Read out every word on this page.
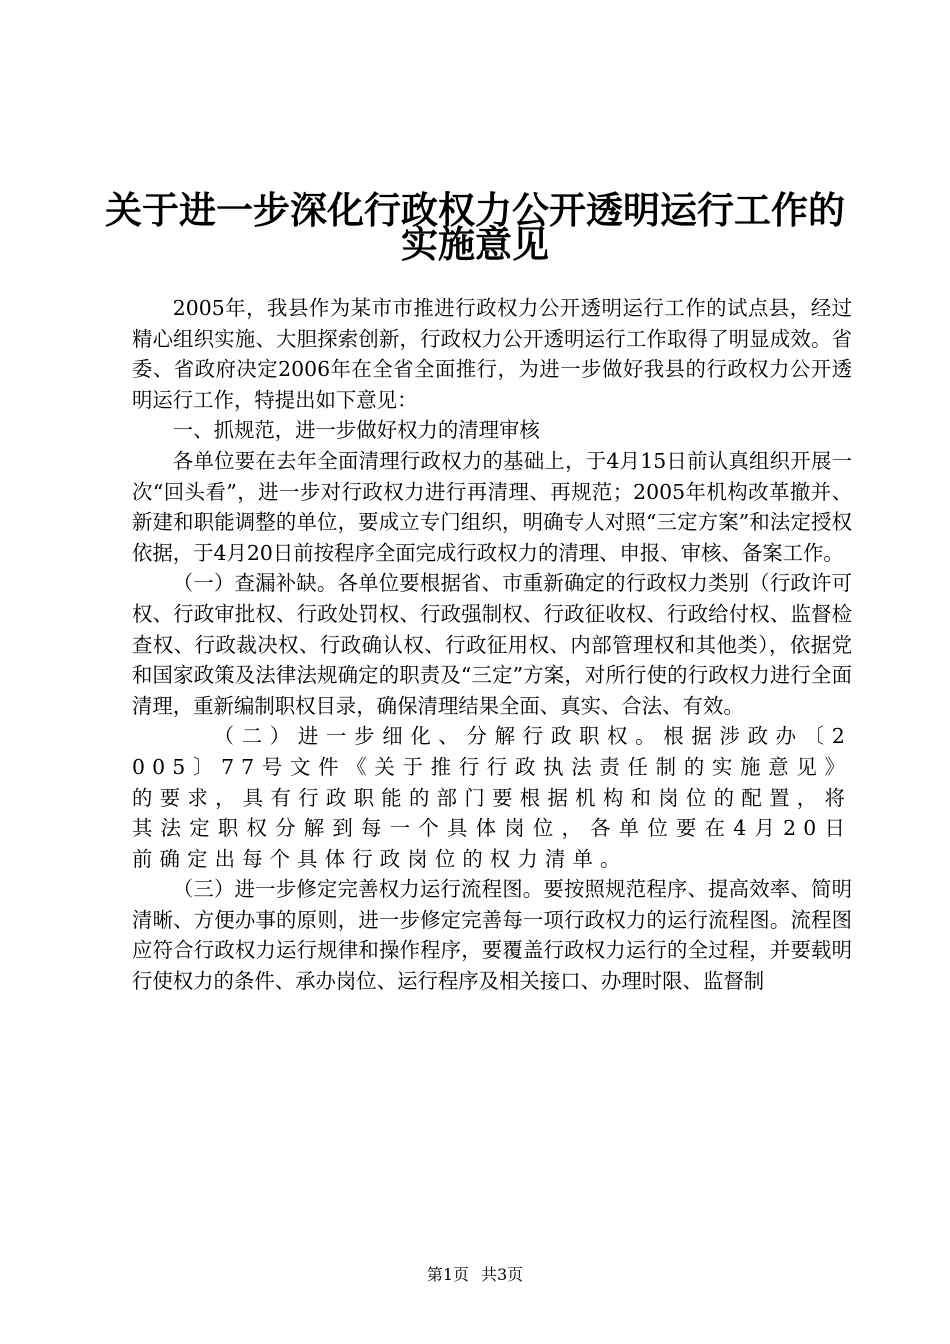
关于进一步深化行政权力公开透明运行工作的
实施意见

2005年，我县作为某市市推进行政权力公开透明运行工作的试点县，经过精心组织实施、大胆探索创新，行政权力公开透明运行工作取得了明显成效。省委、省政府决定2006年在全省全面推行，为进一步做好我县的行政权力公开透明运行工作，特提出如下意见：

一、抓规范，进一步做好权力的清理审核

各单位要在去年全面清理行政权力的基础上，于4月15日前认真组织开展一次“回头看”，进一步对行政权力进行再清理、再规范；2005年机构改革撤并、新建和职能调整的单位，要成立专门组织，明确专人对照“三定方案”和法定授权依据，于4月20日前按程序全面完成行政权力的清理、申报、审核、备案工作。

（一）查漏补缺。各单位要根据省、市重新确定的行政权力类别（行政许可权、行政审批权、行政处罚权、行政强制权、行政征收权、行政给付权、监督检查权、行政裁决权、行政确认权、行政征用权、内部管理权和其他类），依据党和国家政策及法律法规确定的职责及“三定”方案，对所行使的行政权力进行全面清理，重新编制职权目录，确保清理结果全面、真实、合法、有效。

（二）进一步细化、分解行政职权。根据涉政办〔2005〕77号文件《关于推行行政执法责任制的实施意见》的要求，具有行政职能的部门要根据机构和岗位的配置，将其法定职权分解到每一个具体岗位，各单位要在4月20日前确定出每个具体行政岗位的权力清单。

（三）进一步修定完善权力运行流程图。要按照规范程序、提高效率、简明清晰、方便办事的原则，进一步修定完善每一项行政权力的运行流程图。流程图应符合行政权力运行规律和操作程序，要覆盖行政权力运行的全过程，并要载明行使权力的条件、承办岗位、运行程序及相关接口、办理时限、监督制

第1页 共3页
